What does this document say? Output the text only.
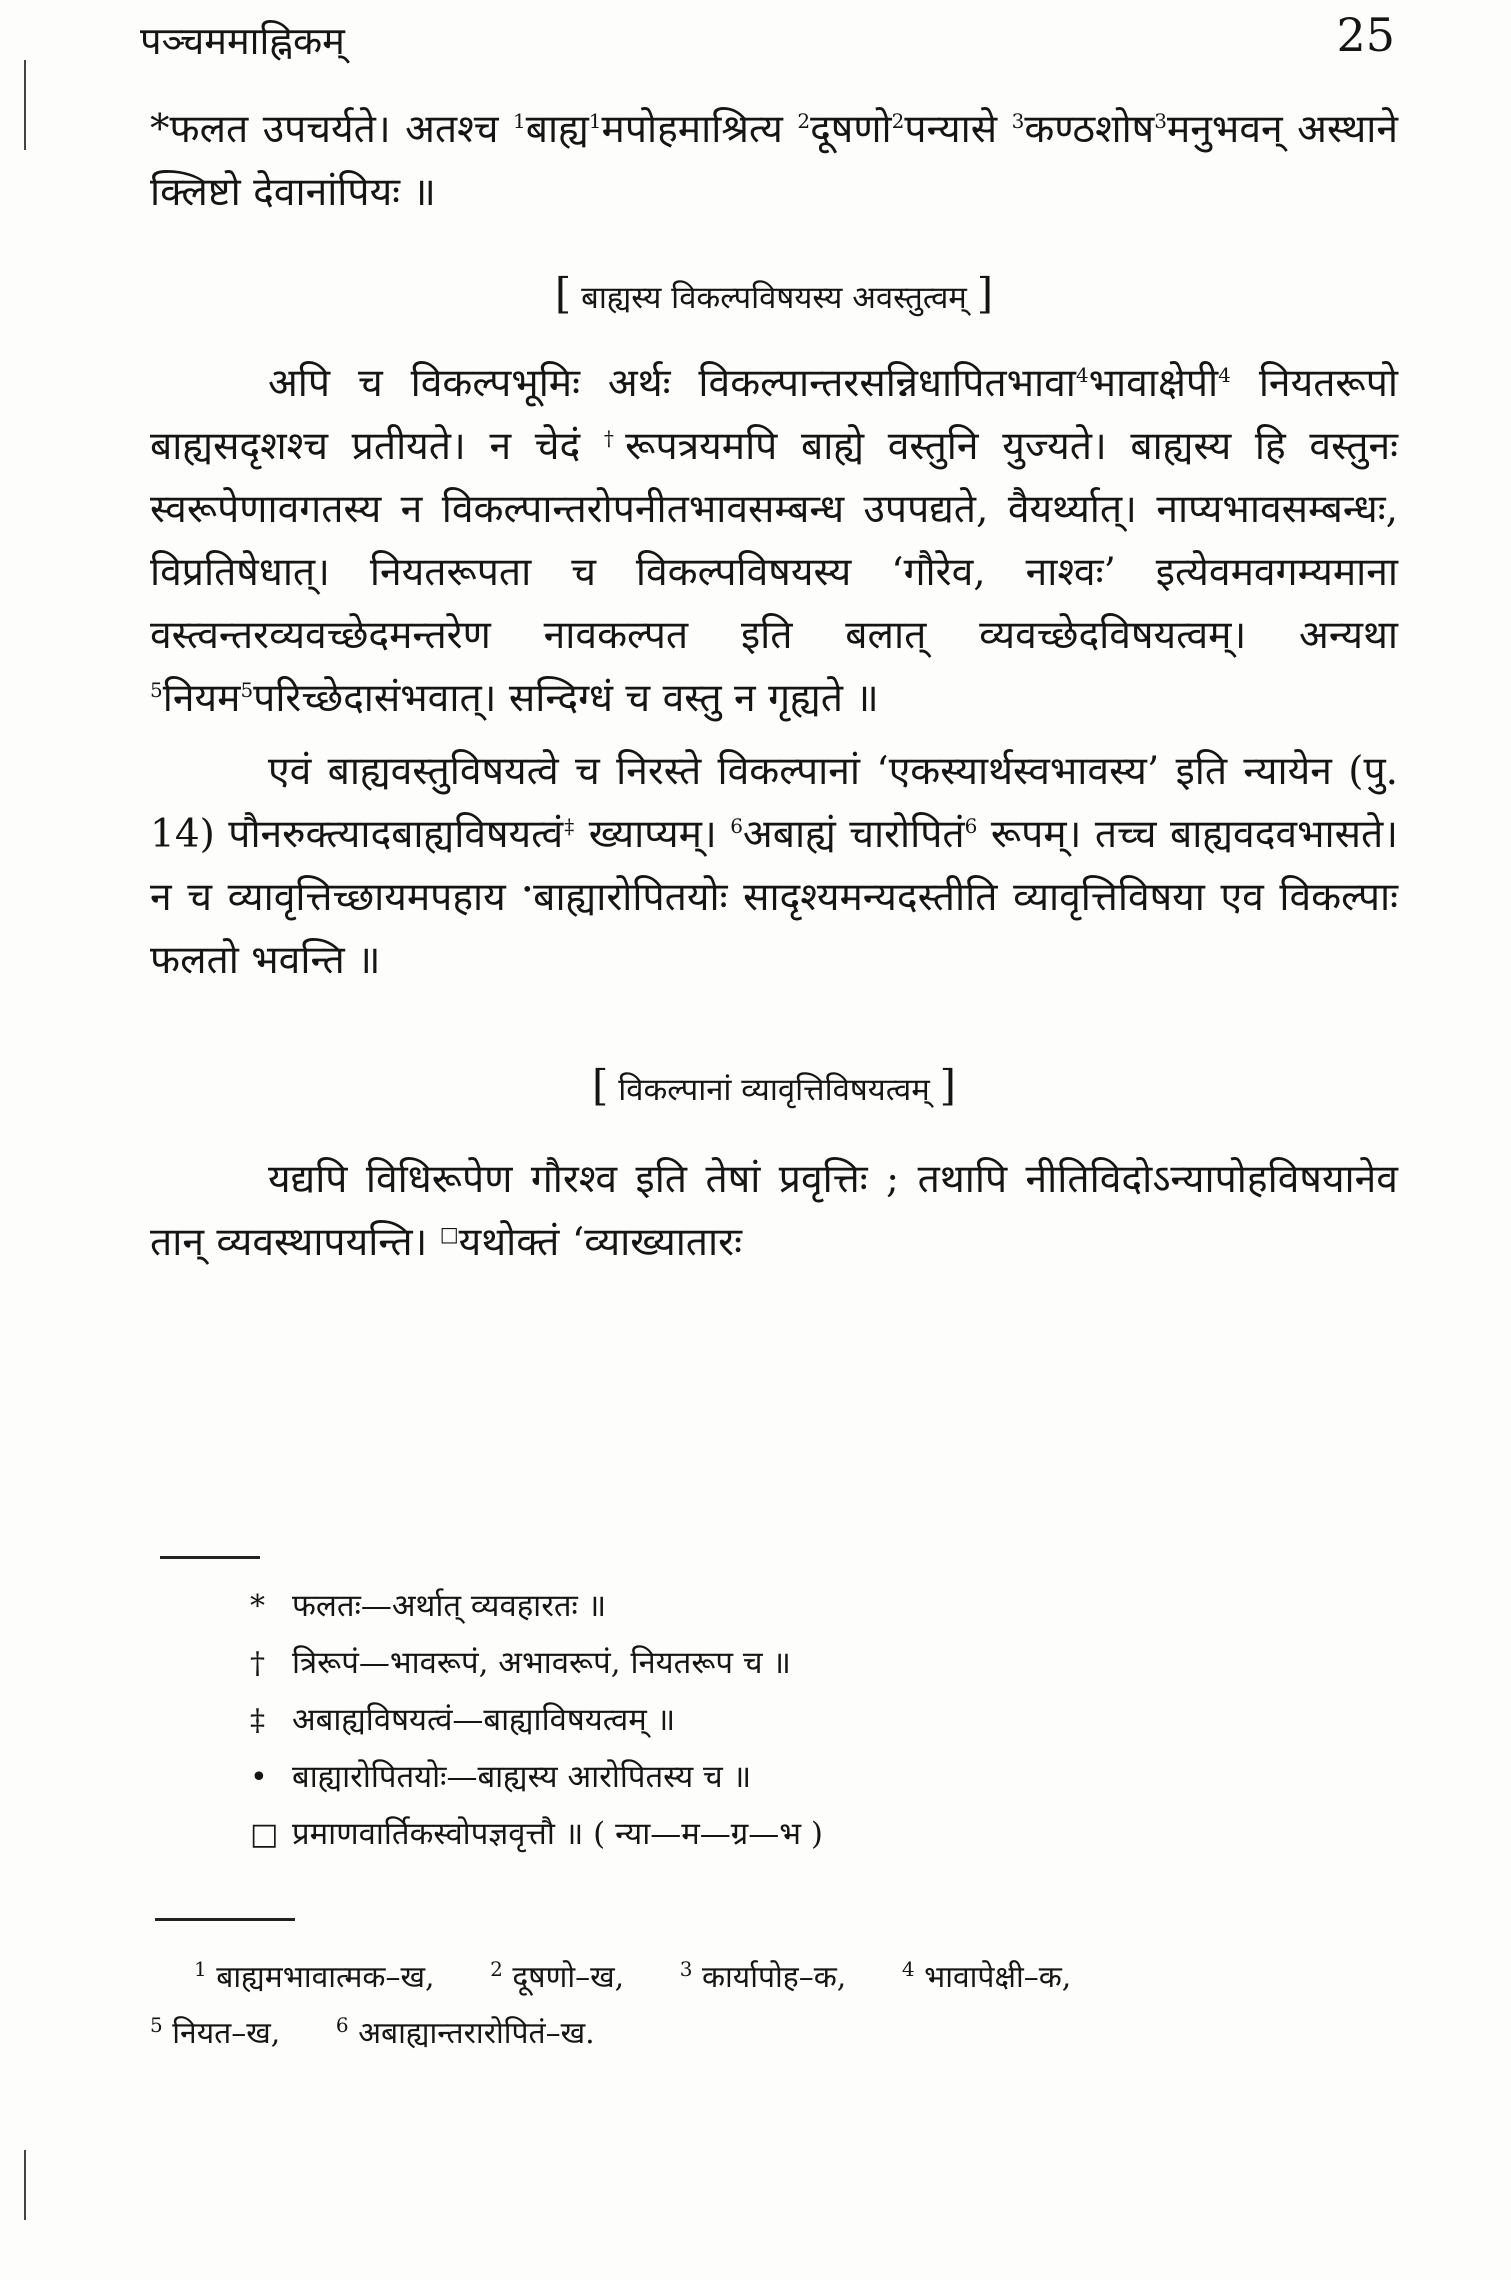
पञ्चममाह्निकम्	25

*फलत उपचर्यते। अतश्च $^1$बाह्य$^1$मपोहमाश्रित्य $^2$दूषणो$^2$पन्यासे $^3$कण्ठशोष$^3$मनुभवन् अस्थाने क्लिष्टो देवानांपियः ॥

[ बाह्यस्य विकल्पविषयस्य अवस्तुत्वम् ]

अपि च विकल्पभूमिः अर्थः विकल्पान्तरसन्निधापितभावा$^4$भावाक्षेपी$^4$ नियतरूपो बाह्यसदृशश्च प्रतीयते। न चेदं †रूपत्रयमपि बाह्ये वस्तुनि युज्यते। बाह्यस्य हि वस्तुनः स्वरूपेणावगतस्य न विकल्पान्तरोपनीतभावसम्बन्ध उपपद्यते, वैयर्थ्यात्। नाप्यभावसम्बन्धः, विप्रतिषेधात्। नियतरूपता च विकल्पविषयस्य ‘गौरेव, नाश्वः’ इत्येवमवगम्यमाना वस्त्वन्तरव्यवच्छेदमन्तरेण नावकल्पत इति बलात् व्यवच्छेदविषयत्वम्। अन्यथा $^5$नियम$^5$परिच्छेदासंभवात्। सन्दिग्धं च वस्तु न गृह्यते ॥

एवं बाह्यवस्तुविषयत्वे च निरस्ते विकल्पानां ‘एकस्यार्थस्वभावस्य’ इति न्यायेन (पु. 14) पौनरुक्त्यादबाह्यविषयत्वं‡ ख्याप्यम्। $^6$अबाह्यं चारोपितं$^6$ रूपम्। तच्च बाह्यवदवभासते। न च व्यावृत्तिच्छायमपहाय •बाह्यारोपितयोः सादृश्यमन्यदस्तीति व्यावृत्तिविषया एव विकल्पाः फलतो भवन्ति ॥

[ विकल्पानां व्यावृत्तिविषयत्वम् ]

यद्यपि विधिरूपेण गौरश्व इति तेषां प्रवृत्तिः ; तथापि नीतिविदोऽन्यापोहविषयानेव तान् व्यवस्थापयन्ति। □यथोक्तं ‘व्याख्यातारः

* फलतः—अर्थात् व्यवहारतः ॥
† त्रिरूपं—भावरूपं, अभावरूपं, नियतरूप च ॥
‡ अबाह्यविषयत्वं—बाह्याविषयत्वम् ॥
• बाह्यारोपितयोः—बाह्यस्य आरोपितस्य च ॥
□ प्रमाणवार्तिकस्वोपज्ञवृत्तौ ॥ ( न्या—म—ग्र—भ )
$^1$ बाह्यमभावात्मक–ख,	$^2$ दूषणो–ख,	$^3$ कार्यापोह–क,	$^4$ भावापेक्षी–क,
$^5$ नियत–ख,	$^6$ अबाह्यान्तरारोपितं–ख.
